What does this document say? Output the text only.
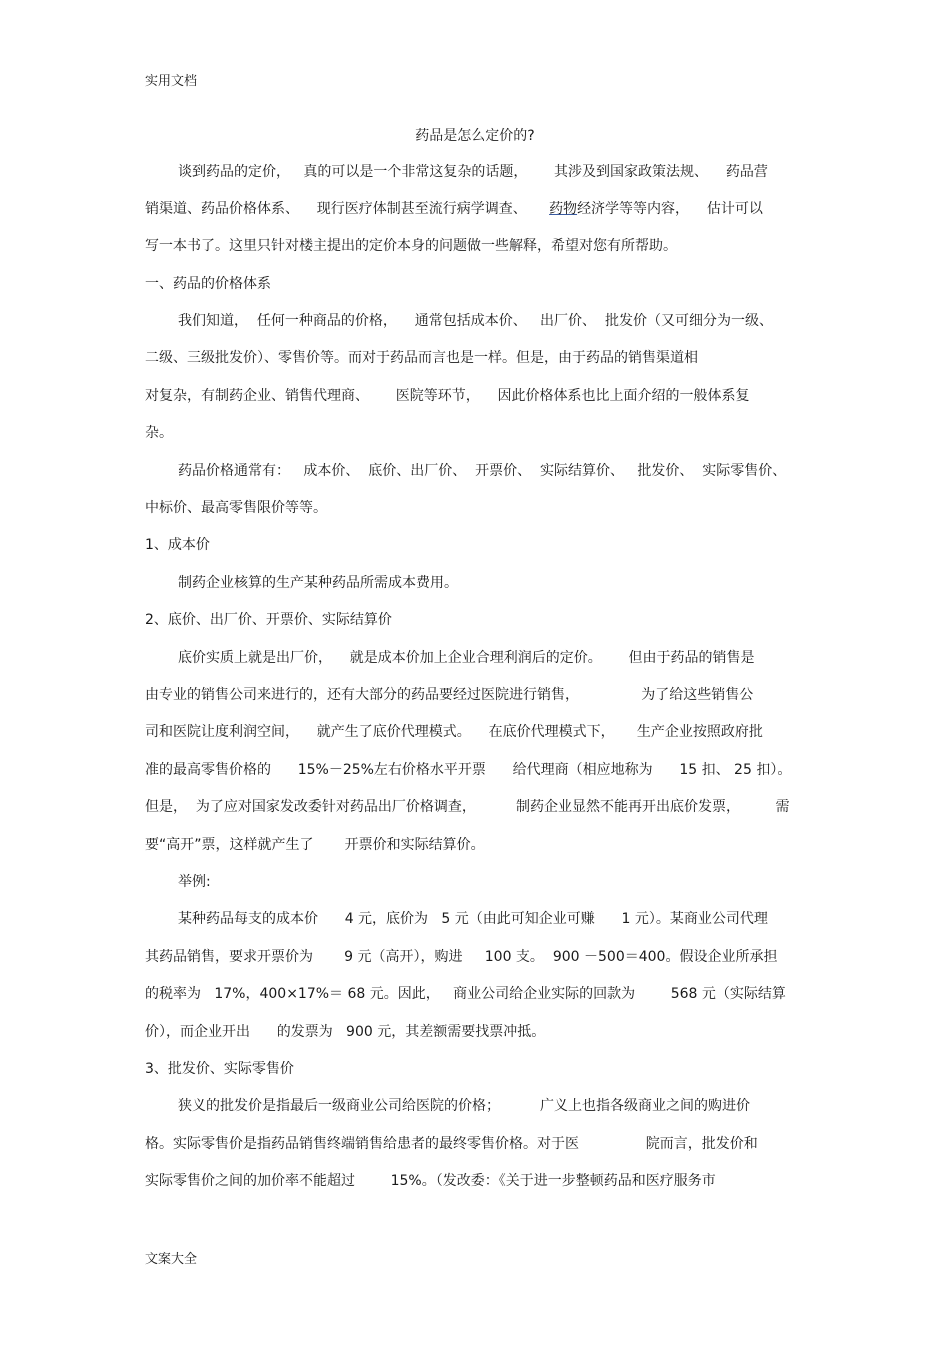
实用文档
药品是怎么定价的?
谈到药品的定价，   真的可以是一个非常这复杂的话题，      其涉及到国家政策法规、    药品营
销渠道、药品价格体系、    现行医疗体制甚至流行病学调查、     药物经济学等等内容，    估计可以
写一本书了。这里只针对楼主提出的定价本身的问题做一些解释，希望对您有所帮助。
一、药品的价格体系
我们知道，  任何一种商品的价格，    通常包括成本价、   出厂价、  批发价（又可细分为一级、
二级、三级批发价）、零售价等。而对于药品而言也是一样。但是，由于药品的销售渠道相
对复杂，有制药企业、销售代理商、      医院等环节，    因此价格体系也比上面介绍的一般体系复
杂。
药品价格通常有：   成本价、  底价、出厂价、  开票价、  实际结算价、   批发价、  实际零售价、
中标价、最高零售限价等等。
1、成本价
制药企业核算的生产某种药品所需成本费用。
2、底价、出厂价、开票价、实际结算价
底价实质上就是出厂价，    就是成本价加上企业合理利润后的定价。      但由于药品的销售是
由专业的销售公司来进行的，还有大部分的药品要经过医院进行销售，              为了给这些销售公
司和医院让度利润空间，    就产生了底价代理模式。    在底价代理模式下，     生产企业按照政府批
准的最高零售价格的      15%－25%左右价格水平开票      给代理商（相应地称为      15 扣、 25 扣）。
但是，  为了应对国家发改委针对药品出厂价格调查，         制药企业显然不能再开出底价发票，        需
要“高开”票，这样就产生了       开票价和实际结算价。
举例:
某种药品每支的成本价      4 元，底价为   5 元（由此可知企业可赚      1 元）。某商业公司代理
其药品销售，要求开票价为       9 元（高开），购进     100 支。  900 －500＝400。假设企业所承担
的税率为   17%，400×17%＝ 68 元。因此，   商业公司给企业实际的回款为        568 元（实际结算
价），而企业开出      的发票为   900 元，其差额需要找票冲抵。
3、批发价、实际零售价
狭义的批发价是指最后一级商业公司给医院的价格；         广义上也指各级商业之间的购进价
格。实际零售价是指药品销售终端销售给患者的最终零售价格。对于医               院而言，批发价和
实际零售价之间的加价率不能超过        15%。（发改委：《关于进一步整顿药品和医疗服务市
文案大全
